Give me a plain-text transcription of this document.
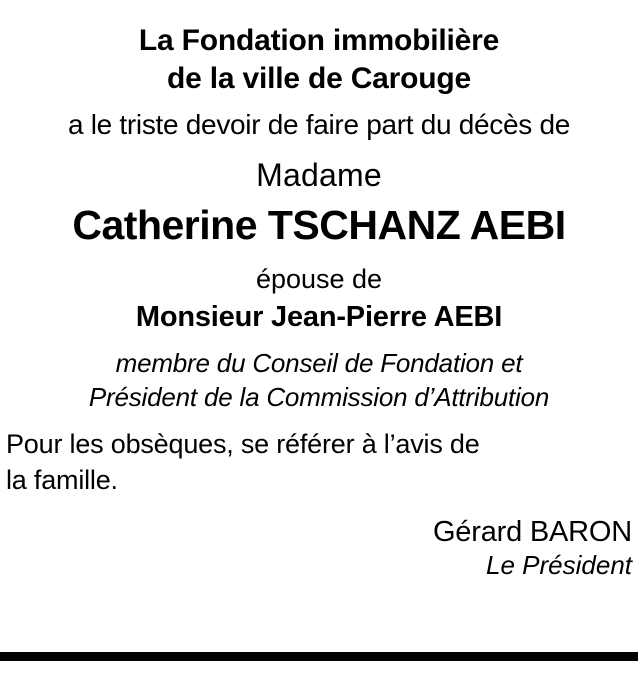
La Fondation immobilière
de la ville de Carouge
a le triste devoir de faire part du décès de
Madame
Catherine TSCHANZ AEBI
épouse de
Monsieur Jean-Pierre AEBI
membre du Conseil de Fondation et
Président de la Commission d’Attribution
Pour les obsèques, se référer à l’avis de
la famille.
Gérard BARON
Le Président
